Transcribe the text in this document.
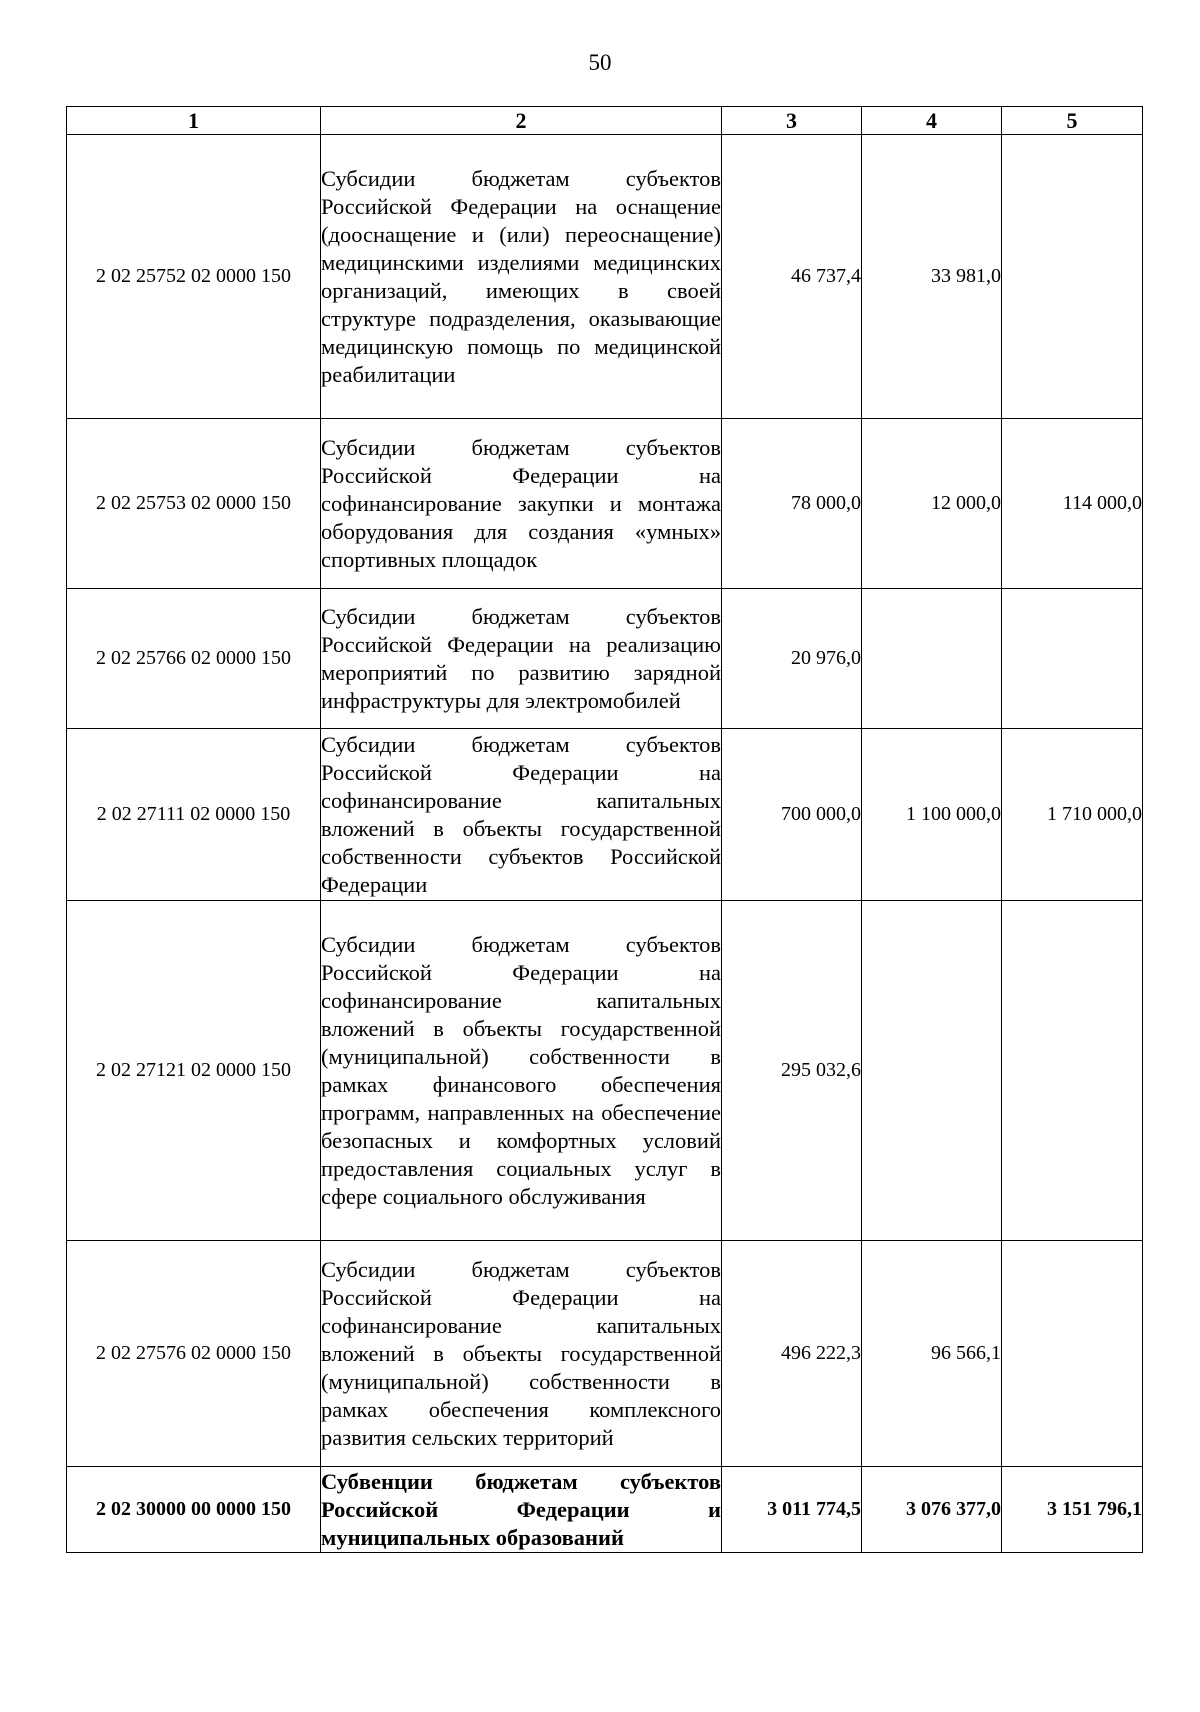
50
1	2	3	4	5
2 02 25752 02 0000 150	Субсидии бюджетам субъектов Российской Федерации на оснащение (дооснащение и (или) переоснащение) медицинскими изделиями медицинских организаций, имеющих в своей структуре подразделения, оказывающие медицинскую помощь по медицинской реабилитации	46 737,4	33 981,0	
2 02 25753 02 0000 150	Субсидии бюджетам субъектов Российской Федерации на софинансирование закупки и монтажа оборудования для создания «умных» спортивных площадок	78 000,0	12 000,0	114 000,0
2 02 25766 02 0000 150	Субсидии бюджетам субъектов Российской Федерации на реализацию мероприятий по развитию зарядной инфраструктуры для электромобилей	20 976,0		
2 02 27111 02 0000 150	Субсидии бюджетам субъектов Российской Федерации на софинансирование капитальных вложений в объекты государственной собственности субъектов Российской Федерации	700 000,0	1 100 000,0	1 710 000,0
2 02 27121 02 0000 150	Субсидии бюджетам субъектов Российской Федерации на софинансирование капитальных вложений в объекты государственной (муниципальной) собственности в рамках финансового обеспечения программ, направленных на обеспечение безопасных и комфортных условий предоставления социальных услуг в сфере социального обслуживания	295 032,6		
2 02 27576 02 0000 150	Субсидии бюджетам субъектов Российской Федерации на софинансирование капитальных вложений в объекты государственной (муниципальной) собственности в рамках обеспечения комплексного развития сельских территорий	496 222,3	96 566,1	
2 02 30000 00 0000 150	Субвенции бюджетам субъектов Российской Федерации и муниципальных образований	3 011 774,5	3 076 377,0	3 151 796,1
